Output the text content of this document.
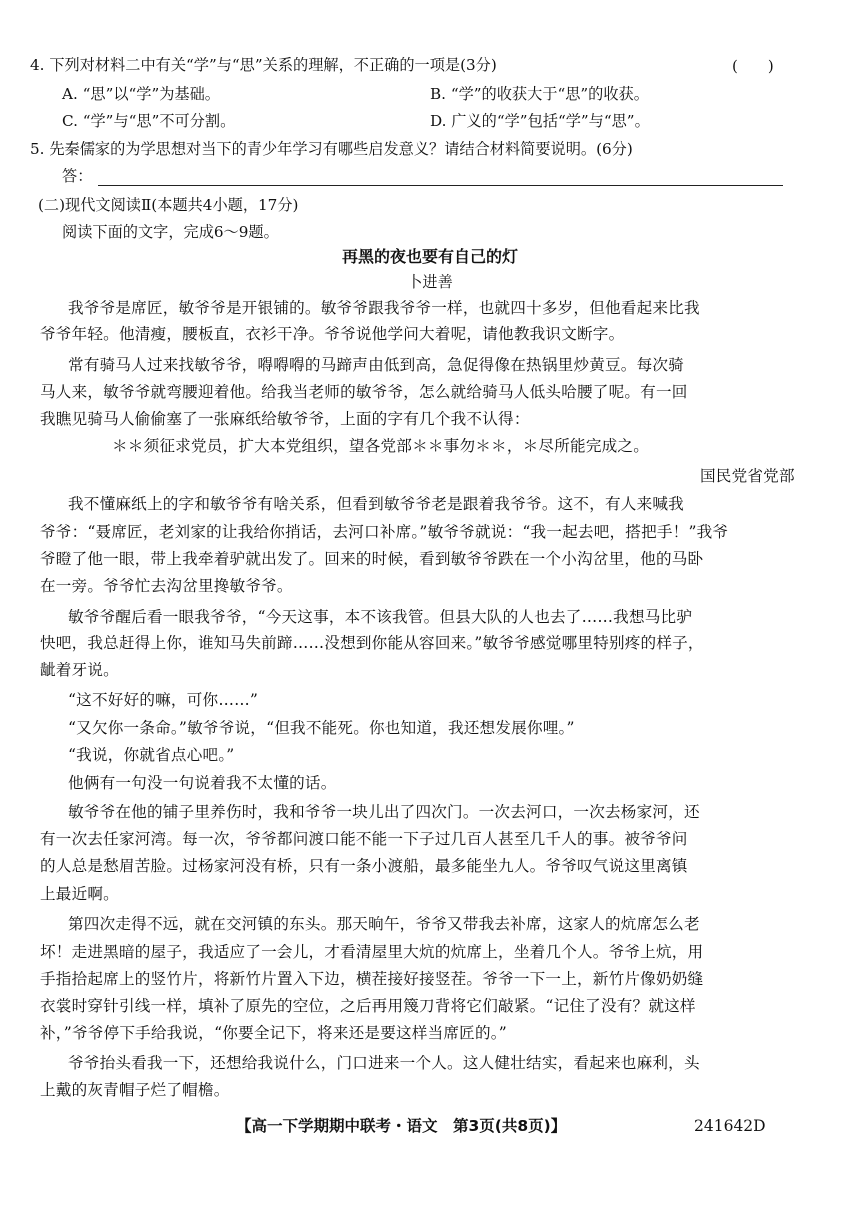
4. 下列对材料二中有关“学”与“思”关系的理解，不正确的一项是(3分)	(　　)
A. “思”以“学”为基础。	B. “学”的收获大于“思”的收获。
C. “学”与“思”不可分割。	D. 广义的“学”包括“学”与“思”。
5. 先秦儒家的为学思想对当下的青少年学习有哪些启发意义？请结合材料简要说明。(6分)
答：
(二)现代文阅读Ⅱ(本题共4小题，17分)
阅读下面的文字，完成6～9题。
再黑的夜也要有自己的灯
卜进善
我爷爷是席匠，敏爷爷是开银铺的。敏爷爷跟我爷爷一样，也就四十多岁，但他看起来比我
爷爷年轻。他清瘦，腰板直，衣衫干净。爷爷说他学问大着呢，请他教我识文断字。
常有骑马人过来找敏爷爷，嘚嘚嘚的马蹄声由低到高，急促得像在热锅里炒黄豆。每次骑
马人来，敏爷爷就弯腰迎着他。给我当老师的敏爷爷，怎么就给骑马人低头哈腰了呢。有一回
我瞧见骑马人偷偷塞了一张麻纸给敏爷爷，上面的字有几个我不认得：
＊＊须征求党员，扩大本党组织，望各党部＊＊事勿＊＊，＊尽所能完成之。
国民党省党部
我不懂麻纸上的字和敏爷爷有啥关系，但看到敏爷爷老是跟着我爷爷。这不，有人来喊我
爷爷：“聂席匠，老刘家的让我给你捎话，去河口补席。”敏爷爷就说：“我一起去吧，搭把手！”我爷
爷瞪了他一眼，带上我牵着驴就出发了。回来的时候，看到敏爷爷跌在一个小沟岔里，他的马卧
在一旁。爷爷忙去沟岔里搀敏爷爷。
敏爷爷醒后看一眼我爷爷，“今天这事，本不该我管。但县大队的人也去了……我想马比驴
快吧，我总赶得上你，谁知马失前蹄……没想到你能从容回来。”敏爷爷感觉哪里特别疼的样子，
龇着牙说。
“这不好好的嘛，可你……”
“又欠你一条命。”敏爷爷说，“但我不能死。你也知道，我还想发展你哩。”
“我说，你就省点心吧。”
他俩有一句没一句说着我不太懂的话。
敏爷爷在他的铺子里养伤时，我和爷爷一块儿出了四次门。一次去河口，一次去杨家河，还
有一次去任家河湾。每一次，爷爷都问渡口能不能一下子过几百人甚至几千人的事。被爷爷问
的人总是愁眉苦脸。过杨家河没有桥，只有一条小渡船，最多能坐九人。爷爷叹气说这里离镇
上最近啊。
第四次走得不远，就在交河镇的东头。那天晌午，爷爷又带我去补席，这家人的炕席怎么老
坏！走进黑暗的屋子，我适应了一会儿，才看清屋里大炕的炕席上，坐着几个人。爷爷上炕，用
手指拾起席上的竖竹片，将新竹片置入下边，横茬接好接竖茬。爷爷一下一上，新竹片像奶奶缝
衣裳时穿针引线一样，填补了原先的空位，之后再用篾刀背将它们敲紧。“记住了没有？就这样
补，”爷爷停下手给我说，“你要全记下，将来还是要这样当席匠的。”
爷爷抬头看我一下，还想给我说什么，门口进来一个人。这人健壮结实，看起来也麻利，头
上戴的灰青帽子烂了帽檐。
【高一下学期期中联考・语文　第3页(共8页)】	241642D
